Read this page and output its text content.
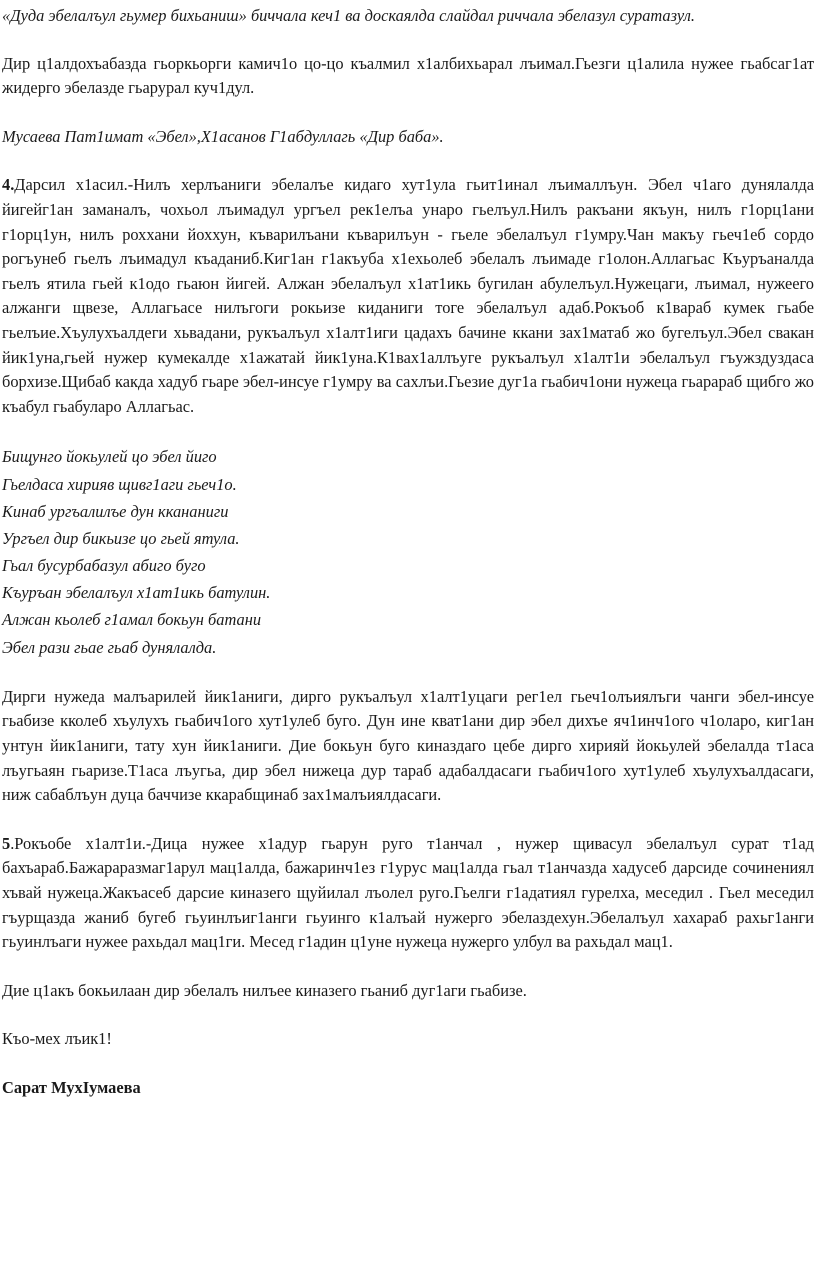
«Дуда эбелалъул гьумер бихьаниш» биччала кеч1 ва доскаялда слайдал риччала эбелазул суратазул.

Дир ц1алдохъабазда гьоркьорги камич1о цо-цо къалмил х1албихьарал лъимал.Гьезги ц1алила нужее гьабсаг1ат жидерго эбелазде гьарурал куч1дул.

Мусаева Пат1имат «Эбел»,Х1асанов Г1абдуллагь «Дир баба».

4.Дарсил х1асил.-Нилъ херлъаниги эбелалъе кидаго хут1ула гьит1инал лъималлъун. Эбел ч1аго дунялалда йигейг1ан заманалъ, чохьол лъимадул ургъел рек1елъа унаро гьелъул.Нилъ ракъани якъун, нилъ г1орц1ани г1орц1ун, нилъ роххани йоххун, къварилъани къварилъун - гьеле эбелалъул г1умру.Чан макъу гьеч1еб сордо рогъунеб гьелъ лъимадул къаданиб.Киг1ан г1акъуба х1ехьолеб эбелалъ лъимадe г1олон.Аллагьас Къуръаналда гьелъ ятила гьей к1одо гьаюн йигей. Алжан эбелалъул х1ат1икь бугилан абулелъул.Нужецаги, лъимал, нужеего алжанги щвезе, Аллагьасе нилъгоги рокьизе киданиги тоге эбелалъул адаб.Рокъоб к1вараб кумек гьабе гьелъие.Хъулухъалдеги хьвадани, рукъалъул х1алт1иги цадахъ бачине ккани зах1матаб жо бугелъул.Эбел свакан йик1уна,гьей нужер кумекалде х1ажатай йик1уна.К1вах1аллъуге рукъалъул х1алт1и эбелалъул гъужздуздаса борхизе.Щибаб какда хадуб гьаре эбел-инсуе г1умру ва сахлъи.Гьезие дуг1а гьабич1они нужеца гьарараб щибго жо къабул гьабуларо Аллагьас.

Бищунго йокьулей цо эбел йиго
Гьелдаса хирияв щивг1аги гьеч1о.
Кинаб ургъалилъе дун ккананиги
Ургъел дир бикьизе цо гьей ятула.
Гьал бусурбабазул абиго буго
Къуръан эбелалъул х1ат1икь батулин.
Алжан кьолеб г1амал бокьун батани
Эбел рази гьае гьаб дунялалда.

Дирги нужеда малъарилей йик1аниги, дирго рукъалъул х1алт1уцаги рег1ел гьеч1олъиялъги чанги эбел-инсуе гьабизе кколеб хъулухъ гьабич1ого хут1улеб буго. Дун ине кват1ани дир эбел дихъе яч1инч1ого ч1оларо, киг1ан унтун йик1аниги, тату хун йик1аниги. Дие бокьун буго киназдаго цебе дирго хирияй йокьулей эбелалда т1аса лъугьаян гьаризе.Т1аса лъугьа, дир эбел нижеца дур тараб адабалдасаги гьабич1ого хут1улеб хъулухъалдасаги, ниж сабаблъун дуца баччизе ккарабщинаб зах1малъиялдасаги.

5.Рокъобе х1алт1и.-Дица нужее х1адур гьарун руго т1анчал , нужер щивасул эбелалъул сурат т1ад бахъараб.Бажараразмаг1арул мац1алда, бажаринч1ез г1урус мац1алда гьал т1анчазда хадусеб дарсиде сочинениял хъвай нужеца.Жакъасеб дарсие киназего щуйилал лъолел руго.Гьелги г1адатиял гурелха, меседил . Гьел меседил гъурщазда жаниб бугеб гьуинлъиг1анги гьуинго к1алъай нужерго эбелаздехун.Эбелалъул хахараб рахьг1анги гьуинлъаги нужее рахьдал мац1ги. Месед г1адин ц1уне нужеца нужерго улбул ва рахьдал мац1.

Дие ц1акъ бокьилаан дир эбелалъ нилъее киназего гьаниб дуг1аги гьабизе.

Къо-мех лъик1!

Сарат МухIумаева
